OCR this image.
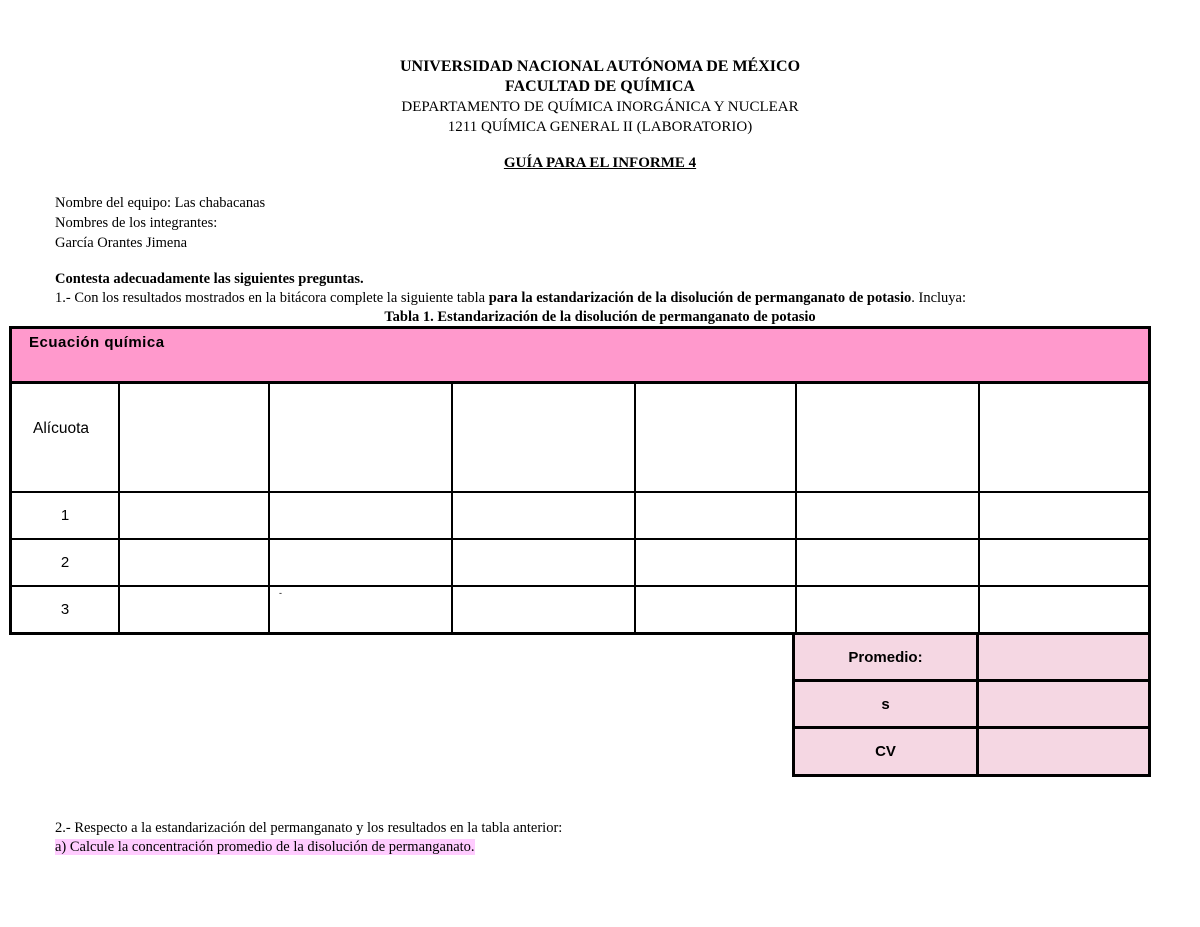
UNIVERSIDAD NACIONAL AUTÓNOMA DE MÉXICO
FACULTAD DE QUÍMICA
DEPARTAMENTO DE QUÍMICA INORGÁNICA Y NUCLEAR
1211 QUÍMICA GENERAL II (LABORATORIO)
GUÍA PARA EL INFORME 4
Nombre del equipo: Las chabacanas
Nombres de los integrantes:
García Orantes Jimena
Contesta adecuadamente las siguientes preguntas.
1.- Con los resultados mostrados en la bitácora complete la siguiente tabla para la estandarización de la disolución de permanganato de potasio. Incluya:
Tabla 1. Estandarización de la disolución de permanganato de potasio
Ecuación química
Alícuota						
1						
2						
3		-				
Promedio:	
s	
CV	
2.- Respecto a la estandarización del permanganato y los resultados en la tabla anterior:
a) Calcule la concentración promedio de la disolución de permanganato.
